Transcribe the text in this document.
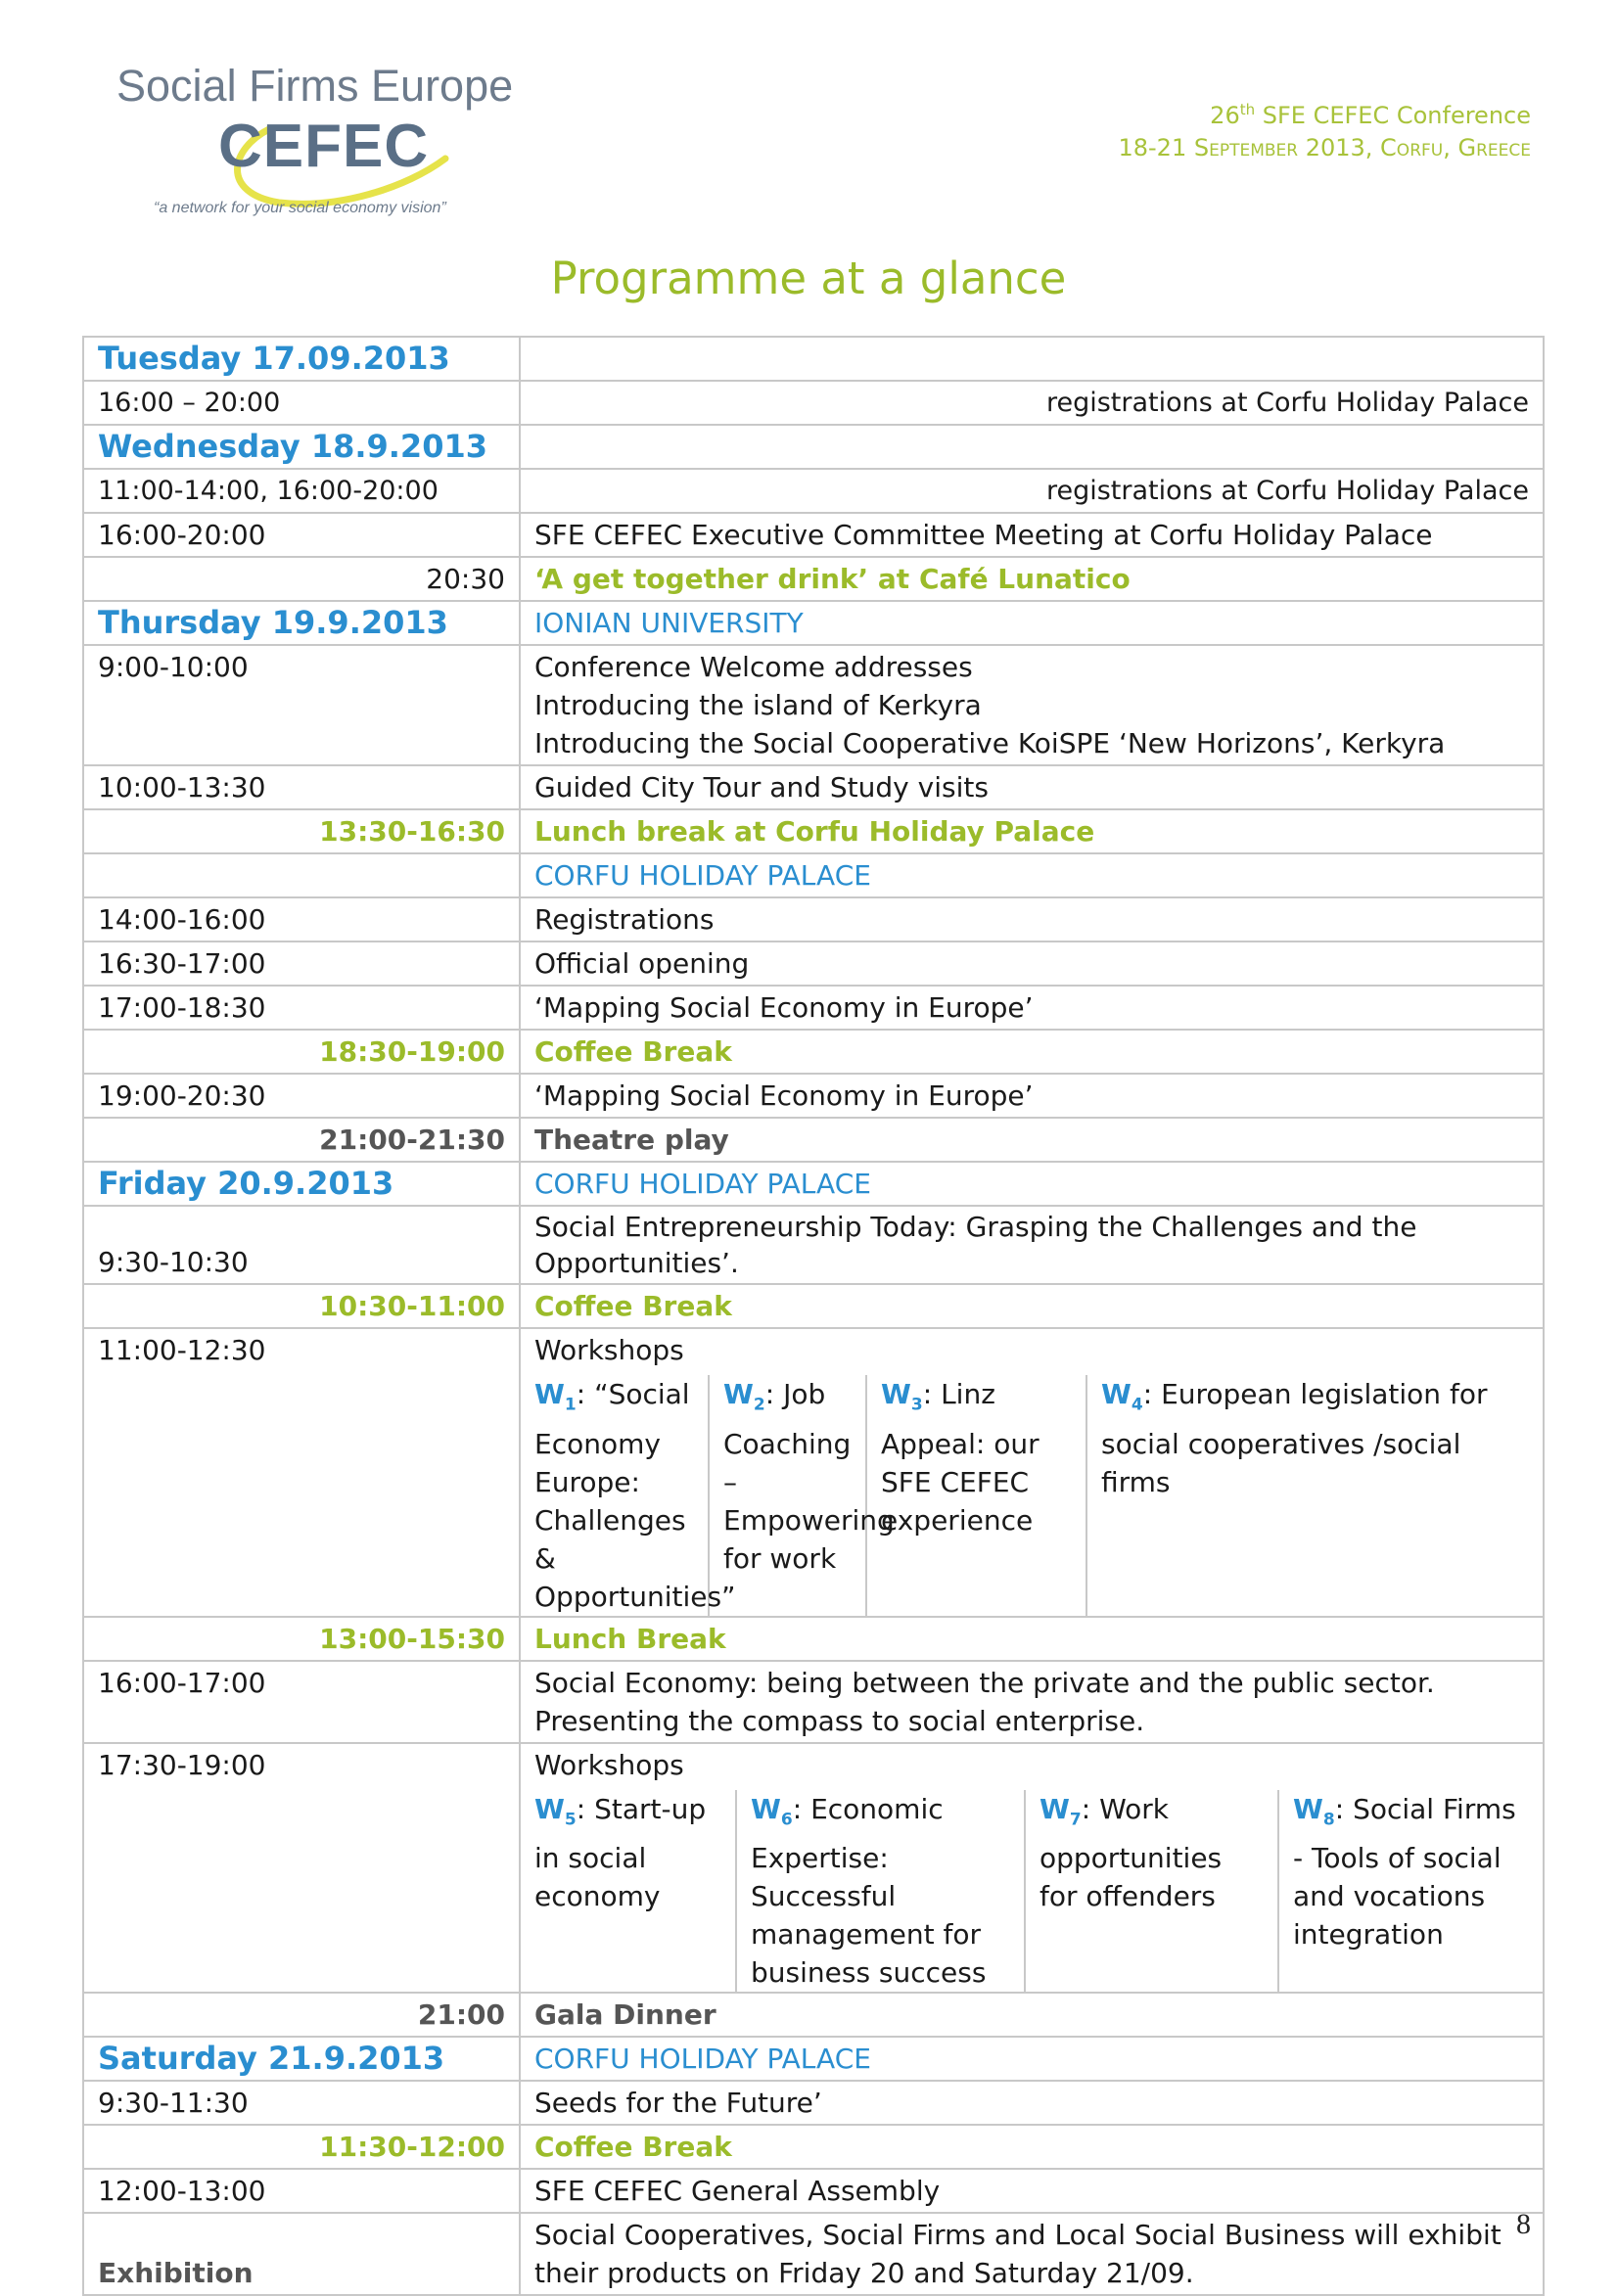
Social Firms Europe
CEFEC
“a network for your social economy vision”
26th SFE CEFEC Conference
18-21 September 2013, Corfu, Greece
Programme at a glance
Tuesday 17.09.2013	
16:00 – 20:00	registrations at Corfu Holiday Palace
Wednesday 18.9.2013	
11:00-14:00, 16:00-20:00	registrations at Corfu Holiday Palace
16:00-20:00	SFE CEFEC Executive Committee Meeting at Corfu Holiday Palace
20:30	‘A get together drink’ at Café Lunatico
Thursday 19.9.2013	IONIAN UNIVERSITY
9:00-10:00	Conference Welcome addresses
Introducing the island of Kerkyra
Introducing the Social Cooperative KoiSPE ‘New Horizons’, Kerkyra

10:00-13:30	Guided City Tour and Study visits
13:30-16:30	Lunch break at Corfu Holiday Palace
	CORFU HOLIDAY PALACE
14:00-16:00	Registrations
16:30-17:00	Official opening
17:00-18:30	‘Mapping Social Economy in Europe’
18:30-19:00	Coffee Break
19:00-20:30	‘Mapping Social Economy in Europe’
21:00-21:30	Theatre play
Friday 20.9.2013	CORFU HOLIDAY PALACE
9:30-10:30	Social Entrepreneurship Today: Grasping the Challenges and the
Opportunities’.

10:30-11:00	Coffee Break
11:00-12:30	Workshops
$W_1$: “Social Economy Europe: Challenges & Opportunities”
$W_2$: Job Coaching – Empowering for work
$W_3$: Linz Appeal: our SFE CEFEC experience
$W_4$: European legislation for social cooperatives /social firms

13:00-15:30	Lunch Break
16:00-17:00	Social Economy: being between the private and the public sector.
Presenting the compass to social enterprise.

17:30-19:00	Workshops
$W_5$: Start-up in social economy
$W_6$: Economic Expertise: Successful management for business success
$W_7$: Work opportunities for offenders
$W_8$: Social Firms - Tools of social and vocations integration

21:00	Gala Dinner
Saturday 21.9.2013	CORFU HOLIDAY PALACE
9:30-11:30	Seeds for the Future’
11:30-12:00	Coffee Break
12:00-13:00	SFE CEFEC General Assembly
Exhibition	Social Cooperatives, Social Firms and Local Social Business will exhibit
their products on Friday 20 and Saturday 21/09.
8
